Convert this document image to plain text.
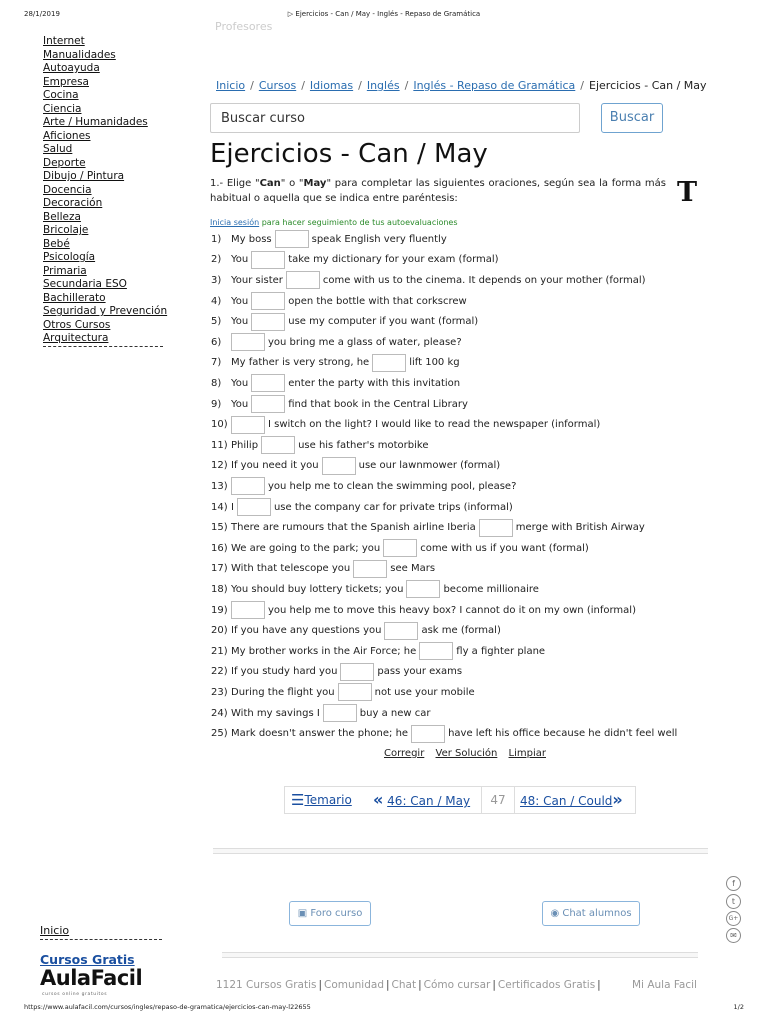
28/1/2019	▷ Ejercicios - Can / May - Inglés - Repaso de Gramática
Profesores
Internet
Manualidades
Autoayuda
Empresa
Cocina
Ciencia
Arte / Humanidades
Aficiones
Salud
Deporte
Dibujo / Pintura
Docencia
Decoración
Belleza
Bricolaje
Bebé
Psicología
Primaria
Secundaria ESO
Bachillerato
Seguridad y Prevención
Otros Cursos
Arquitectura
Inicio
Cursos Gratis
AulaFacil
cursos online gratuitos
Inicio / Cursos / Idiomas / Inglés / Inglés - Repaso de Gramática / Ejercicios - Can / May
Buscar curso
Buscar
Ejercicios - Can / May
T
1.- Elige "Can" o "May" para completar las siguientes oraciones, según sea la forma más habitual o aquella que se indica entre paréntesis:
Inicia sesión para hacer seguimiento de tus autoevaluaciones
1) My boss	speak English very fluently
2) You	take my dictionary for your exam (formal)
3) Your sister	come with us to the cinema. It depends on your mother (formal)
4) You	open the bottle with that corkscrew
5) You	use my computer if you want (formal)
6)	you bring me a glass of water, please?
7) My father is very strong, he	lift 100 kg
8) You	enter the party with this invitation
9) You	find that book in the Central Library
10)	I switch on the light? I would like to read the newspaper (informal)
11) Philip	use his father's motorbike
12) If you need it you	use our lawnmower (formal)
13)	you help me to clean the swimming pool, please?
14) I	use the company car for private trips (informal)
15) There are rumours that the Spanish airline Iberia	merge with British Airway
16) We are going to the park; you	come with us if you want (formal)
17) With that telescope you	see Mars
18) You should buy lottery tickets; you	become millionaire
19)	you help me to move this heavy box? I cannot do it on my own (informal)
20) If you have any questions you	ask me (formal)
21) My brother works in the Air Force; he	fly a fighter plane
22) If you study hard you	pass your exams
23) During the flight you	not use your mobile
24) With my savings I	buy a new car
25) Mark doesn't answer the phone; he	have left his office because he didn't feel well
Corregir Ver Solución Limpiar
☰Temario « 46: Can / May	47	48: Can / Could»
▣ Foro curso	◉ Chat alumnos
f
t
G+
✉
1121 Cursos Gratis | Comunidad | Chat | Cómo cursar | Certificados Gratis |	Mi Aula Facil
https://www.aulafacil.com/cursos/ingles/repaso-de-gramatica/ejercicios-can-may-l22655	1/2
